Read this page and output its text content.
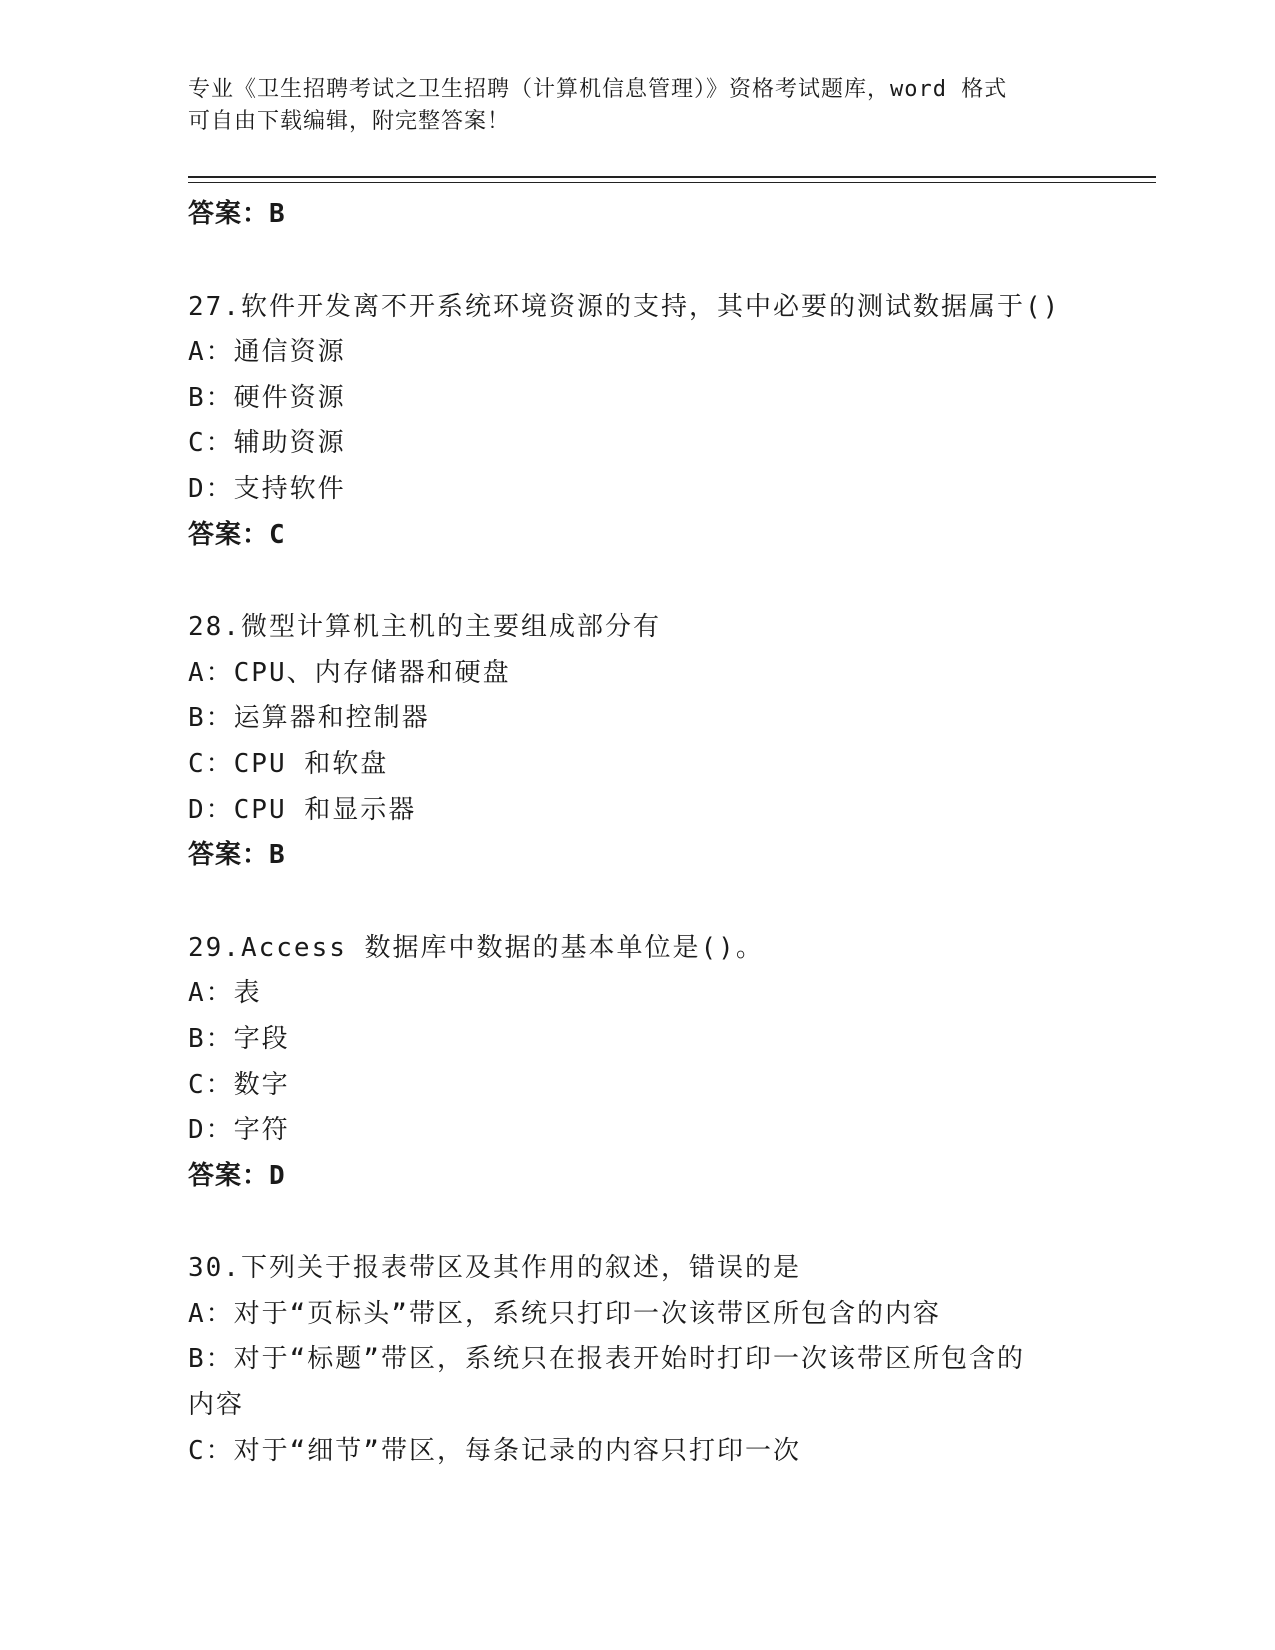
专业《卫生招聘考试之卫生招聘（计算机信息管理）》资格考试题库，word 格式
可自由下载编辑，附完整答案！
答案：B
27.软件开发离不开系统环境资源的支持，其中必要的测试数据属于()
A：通信资源
B：硬件资源
C：辅助资源
D：支持软件
答案：C
28.微型计算机主机的主要组成部分有
A：CPU、内存储器和硬盘
B：运算器和控制器
C：CPU 和软盘
D：CPU 和显示器
答案：B
29.Access 数据库中数据的基本单位是()。
A：表
B：字段
C：数字
D：字符
答案：D
30.下列关于报表带区及其作用的叙述，错误的是
A：对于“页标头”带区，系统只打印一次该带区所包含的内容
B：对于“标题”带区，系统只在报表开始时打印一次该带区所包含的内容
C：对于“细节”带区，每条记录的内容只打印一次
